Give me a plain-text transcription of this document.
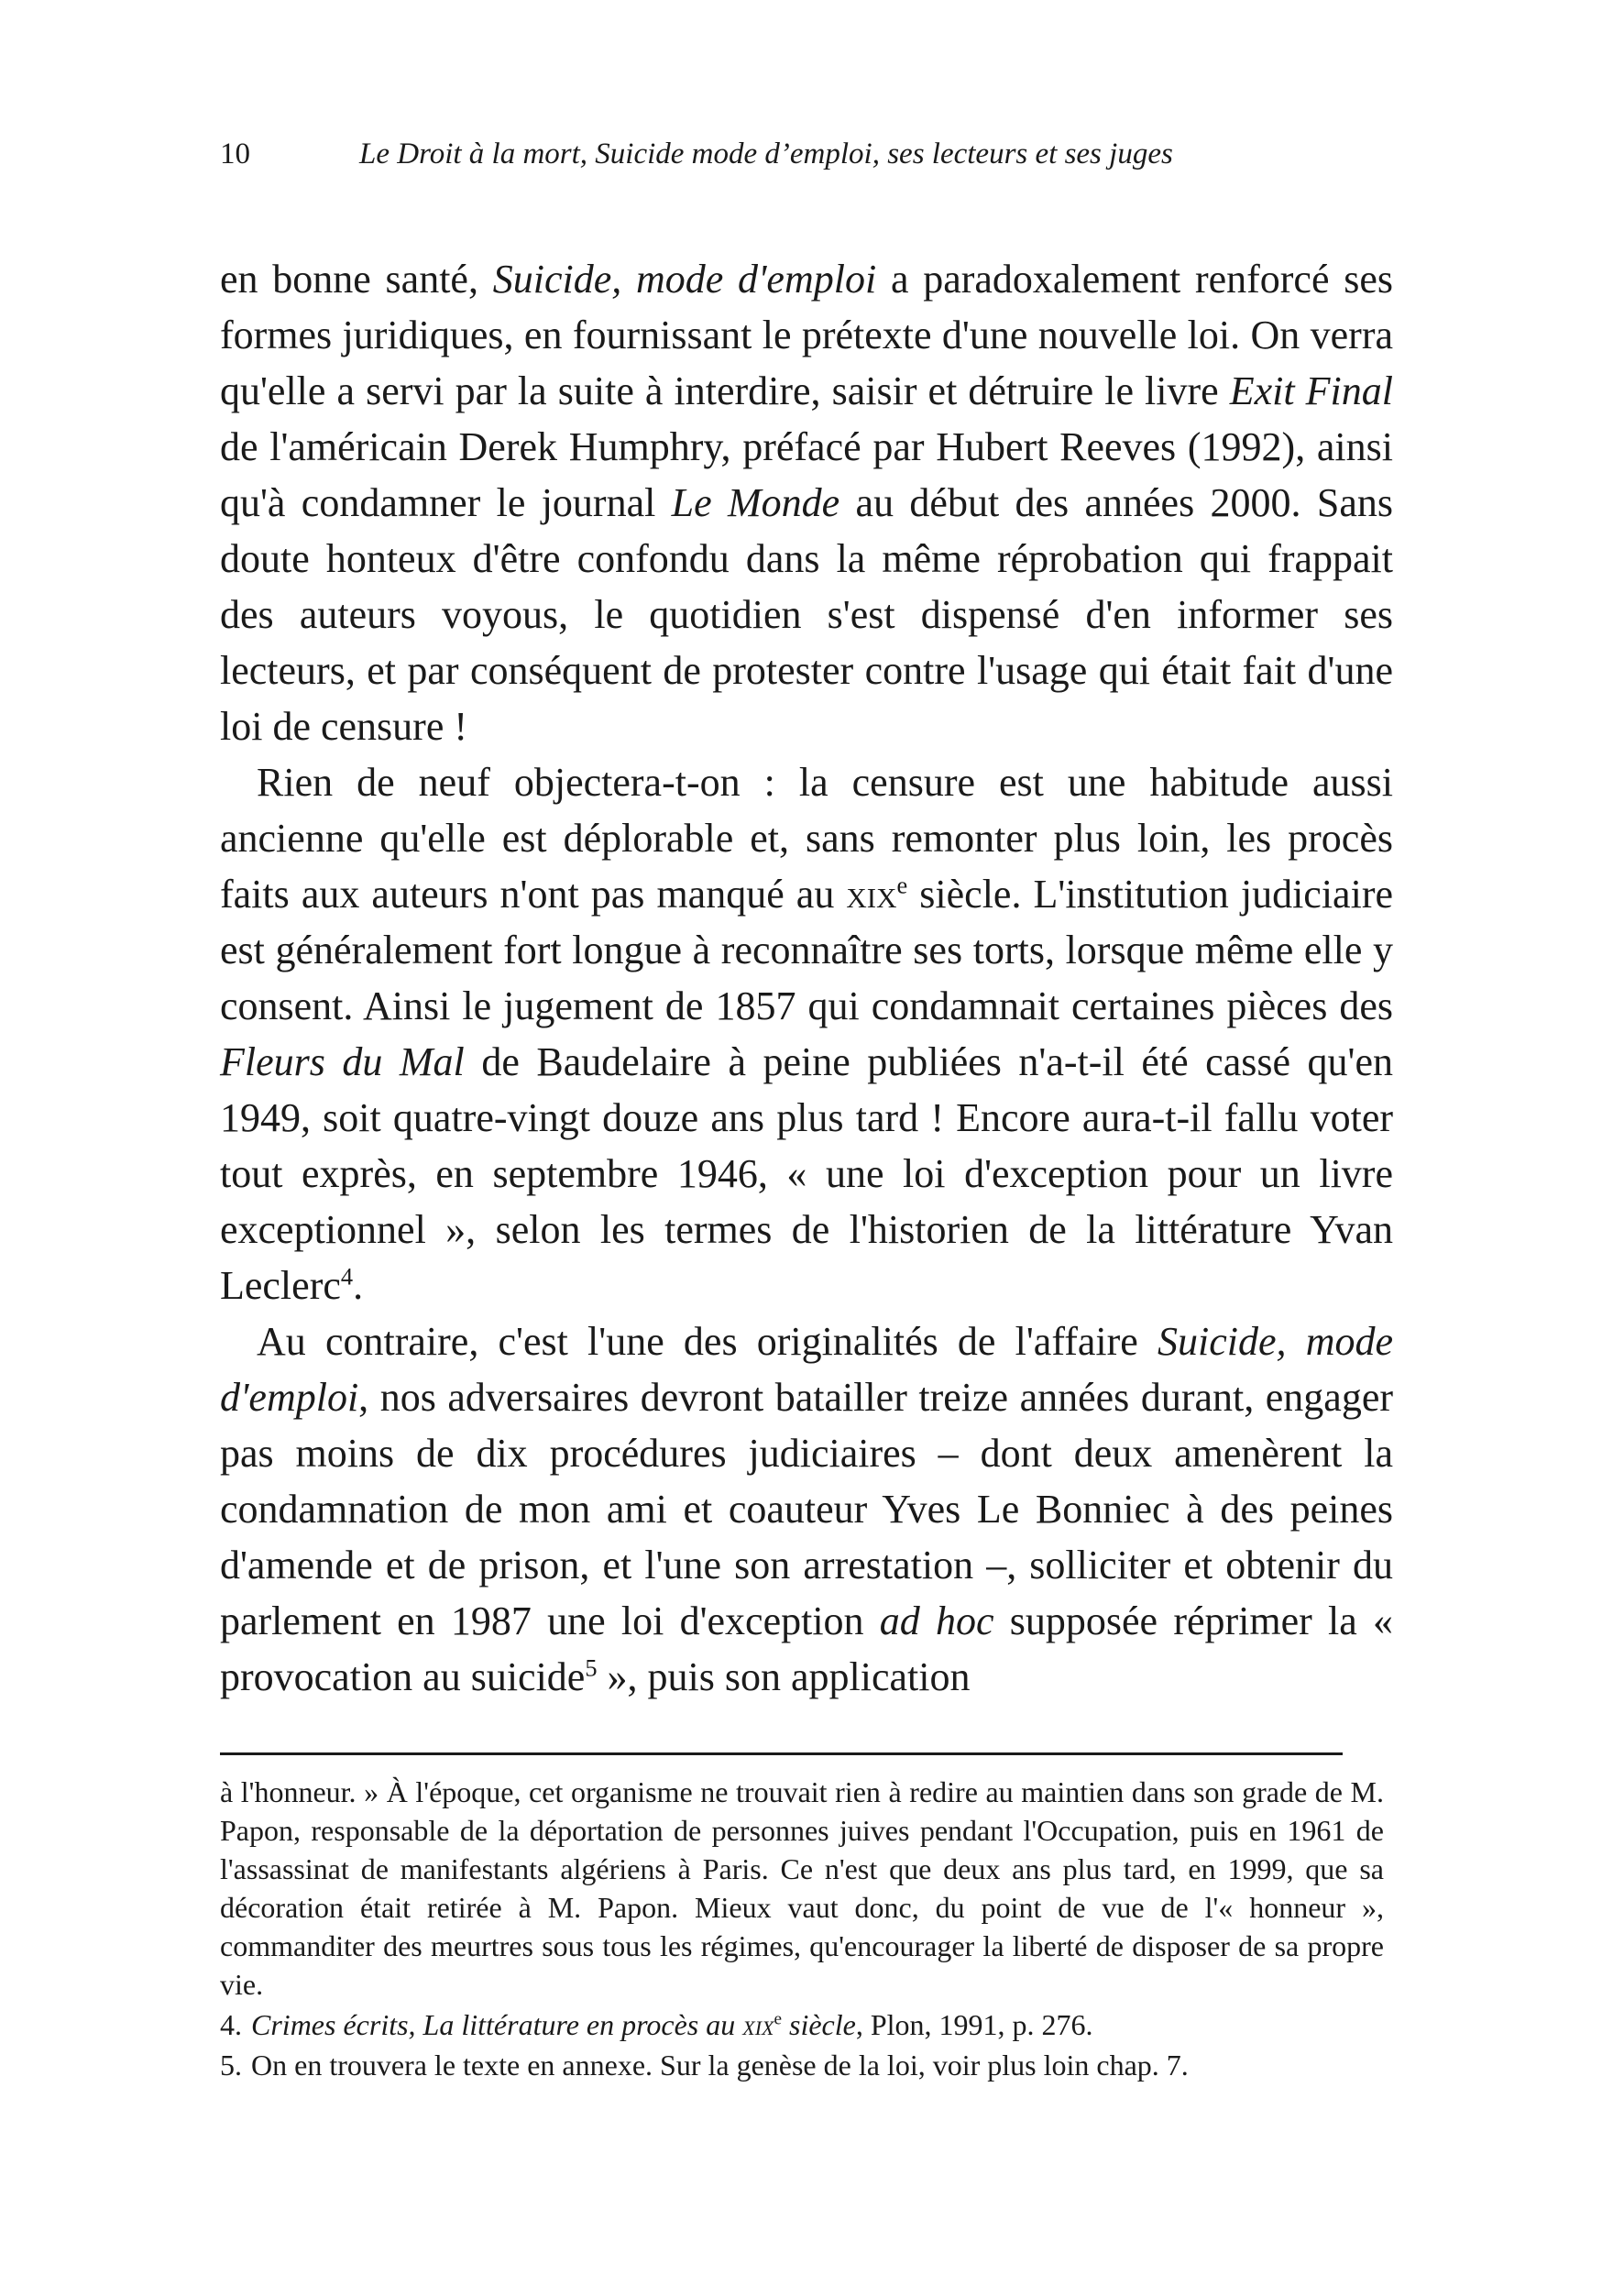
10	Le Droit à la mort, Suicide mode d’emploi, ses lecteurs et ses juges

en bonne santé, Suicide, mode d'emploi a paradoxalement renforcé ses formes juridiques, en fournissant le prétexte d'une nouvelle loi. On verra qu'elle a servi par la suite à interdire, saisir et détruire le livre Exit Final de l'américain Derek Humphry, préfacé par Hubert Reeves (1992), ainsi qu'à condamner le journal Le Monde au début des années 2000. Sans doute honteux d'être confondu dans la même réprobation qui frappait des auteurs voyous, le quotidien s'est dispensé d'en informer ses lecteurs, et par conséquent de protester contre l'usage qui était fait d'une loi de censure !

Rien de neuf objectera-t-on : la censure est une habitude aussi ancienne qu'elle est déplorable et, sans remonter plus loin, les procès faits aux auteurs n'ont pas manqué au xix$^e$ siècle. L'institution judiciaire est généralement fort longue à reconnaître ses torts, lorsque même elle y consent. Ainsi le jugement de 1857 qui condamnait certaines pièces des Fleurs du Mal de Baudelaire à peine publiées n'a-t-il été cassé qu'en 1949, soit quatre-vingt douze ans plus tard ! Encore aura-t-il fallu voter tout exprès, en septembre 1946, « une loi d'exception pour un livre exceptionnel », selon les termes de l'historien de la littérature Yvan Leclerc$^4$.

Au contraire, c'est l'une des originalités de l'affaire Suicide, mode d'emploi, nos adversaires devront batailler treize années durant, engager pas moins de dix procédures judiciaires – dont deux amenèrent la condamnation de mon ami et coauteur Yves Le Bonniec à des peines d'amende et de prison, et l'une son arrestation –, solliciter et obtenir du parlement en 1987 une loi d'exception ad hoc supposée réprimer la « provocation au suicide$^5$ », puis son application

à l'honneur. » À l'époque, cet organisme ne trouvait rien à redire au maintien dans son grade de M. Papon, responsable de la déportation de personnes juives pendant l'Occupation, puis en 1961 de l'assassinat de manifestants algériens à Paris. Ce n'est que deux ans plus tard, en 1999, que sa décoration était retirée à M. Papon. Mieux vaut donc, du point de vue de l'« honneur », commanditer des meurtres sous tous les régimes, qu'encourager la liberté de disposer de sa propre vie.

4. Crimes écrits, La littérature en procès au xix$^e$ siècle, Plon, 1991, p. 276.

5. On en trouvera le texte en annexe. Sur la genèse de la loi, voir plus loin chap. 7.
